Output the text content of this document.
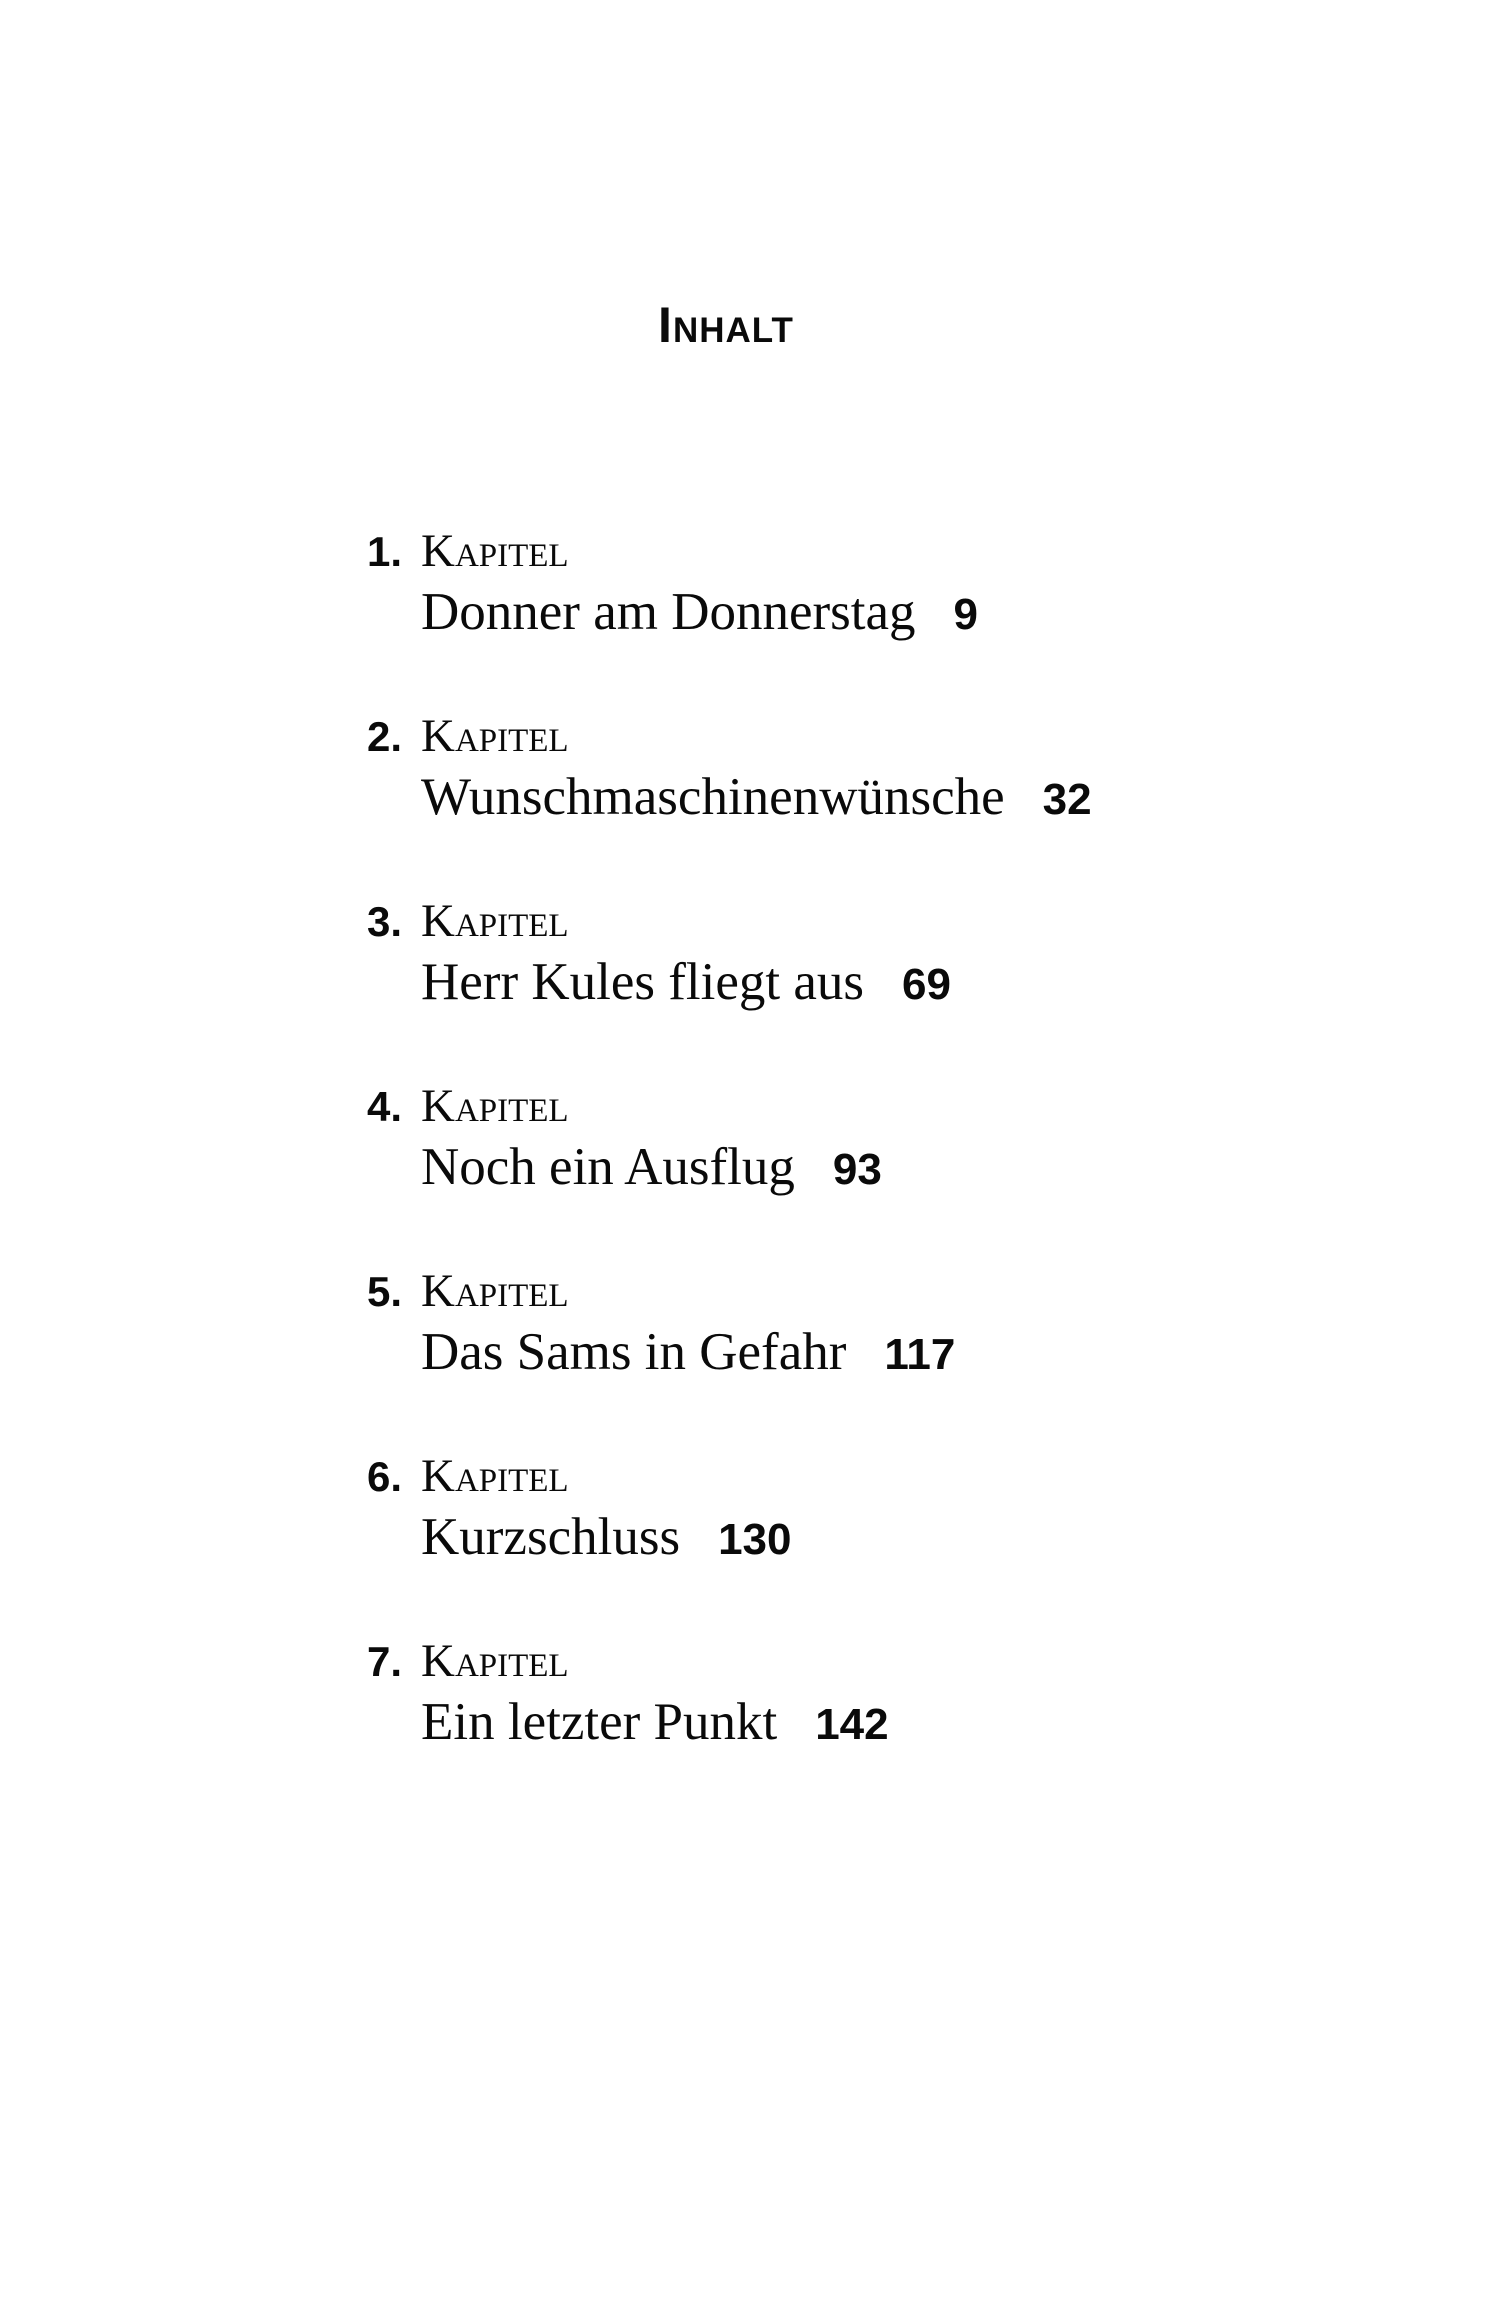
Inhalt
1. Kapitel
Donner am Donnerstag 9
2. Kapitel
Wunschmaschinenwünsche 32
3. Kapitel
Herr Kules fliegt aus 69
4. Kapitel
Noch ein Ausflug 93
5. Kapitel
Das Sams in Gefahr 117
6. Kapitel
Kurzschluss 130
7. Kapitel
Ein letzter Punkt 142
